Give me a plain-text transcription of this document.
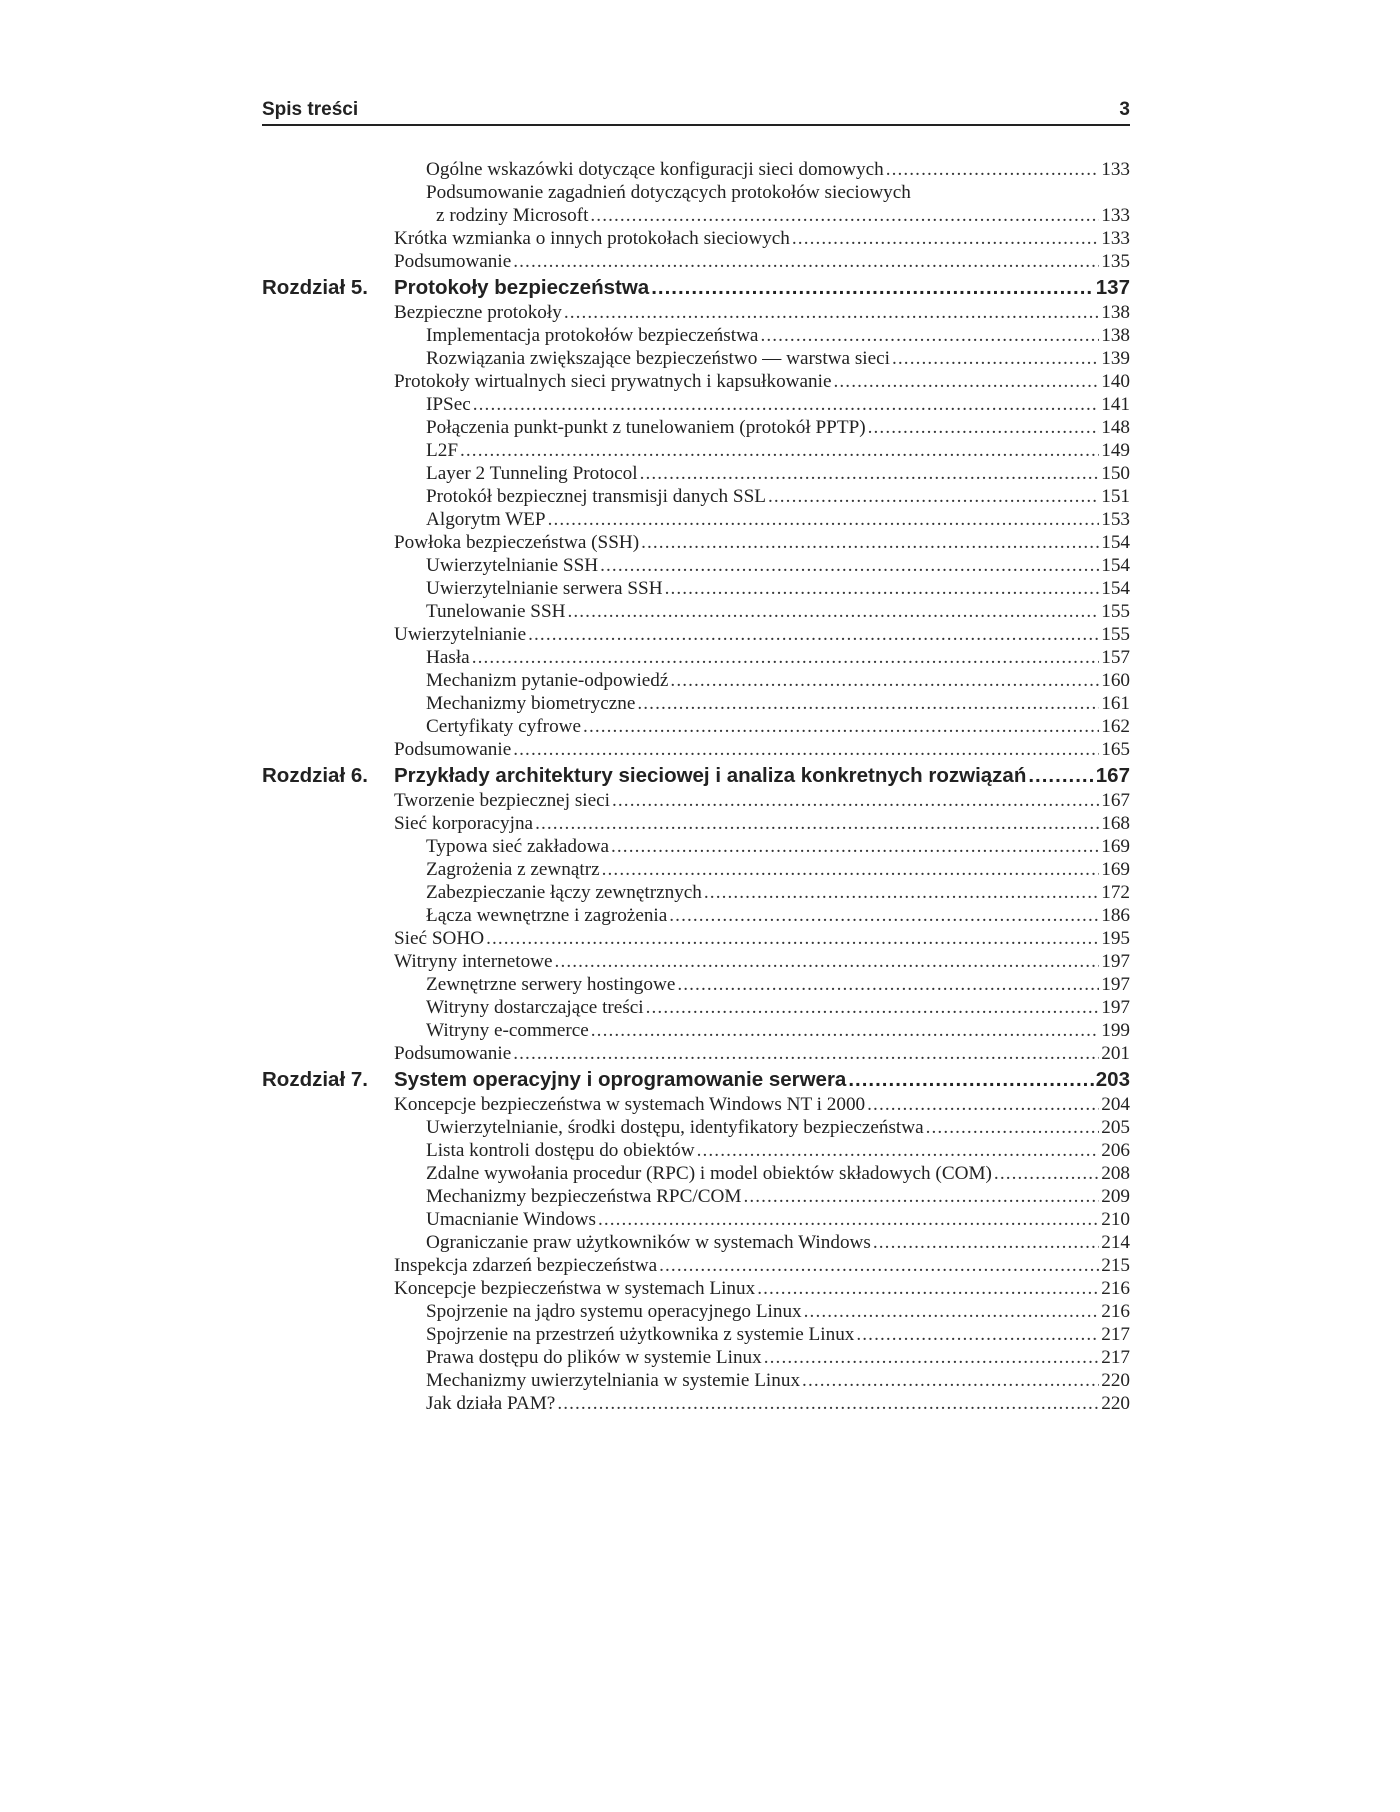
Spis treści	3
Ogólne wskazówki dotyczące konfiguracji sieci domowych .....	133
Podsumowanie zagadnień dotyczących protokołów sieciowych
z rodziny Microsoft .....	133
Krótka wzmianka o innych protokołach sieciowych .....	133
Podsumowanie .....	135
Rozdział 5.	Protokoły bezpieczeństwa .....	137
Bezpieczne protokoły .....	138
Implementacja protokołów bezpieczeństwa .....	138
Rozwiązania zwiększające bezpieczeństwo — warstwa sieci .....	139
Protokoły wirtualnych sieci prywatnych i kapsułkowanie .....	140
IPSec .....	141
Połączenia punkt-punkt z tunelowaniem (protokół PPTP) .....	148
L2F .....	149
Layer 2 Tunneling Protocol .....	150
Protokół bezpiecznej transmisji danych SSL .....	151
Algorytm WEP .....	153
Powłoka bezpieczeństwa (SSH) .....	154
Uwierzytelnianie SSH .....	154
Uwierzytelnianie serwera SSH .....	154
Tunelowanie SSH .....	155
Uwierzytelnianie .....	155
Hasła .....	157
Mechanizm pytanie-odpowiedź .....	160
Mechanizmy biometryczne .....	161
Certyfikaty cyfrowe .....	162
Podsumowanie .....	165
Rozdział 6.	Przykłady architektury sieciowej i analiza konkretnych rozwiązań .....	167
Tworzenie bezpiecznej sieci .....	167
Sieć korporacyjna .....	168
Typowa sieć zakładowa .....	169
Zagrożenia z zewnątrz .....	169
Zabezpieczanie łączy zewnętrznych .....	172
Łącza wewnętrzne i zagrożenia .....	186
Sieć SOHO .....	195
Witryny internetowe .....	197
Zewnętrzne serwery hostingowe .....	197
Witryny dostarczające treści .....	197
Witryny e-commerce .....	199
Podsumowanie .....	201
Rozdział 7.	System operacyjny i oprogramowanie serwera .....	203
Koncepcje bezpieczeństwa w systemach Windows NT i 2000 .....	204
Uwierzytelnianie, środki dostępu, identyfikatory bezpieczeństwa .....	205
Lista kontroli dostępu do obiektów .....	206
Zdalne wywołania procedur (RPC) i model obiektów składowych (COM) .....	208
Mechanizmy bezpieczeństwa RPC/COM .....	209
Umacnianie Windows .....	210
Ograniczanie praw użytkowników w systemach Windows .....	214
Inspekcja zdarzeń bezpieczeństwa .....	215
Koncepcje bezpieczeństwa w systemach Linux .....	216
Spojrzenie na jądro systemu operacyjnego Linux .....	216
Spojrzenie na przestrzeń użytkownika z systemie Linux .....	217
Prawa dostępu do plików w systemie Linux .....	217
Mechanizmy uwierzytelniania w systemie Linux .....	220
Jak działa PAM? .....	220
